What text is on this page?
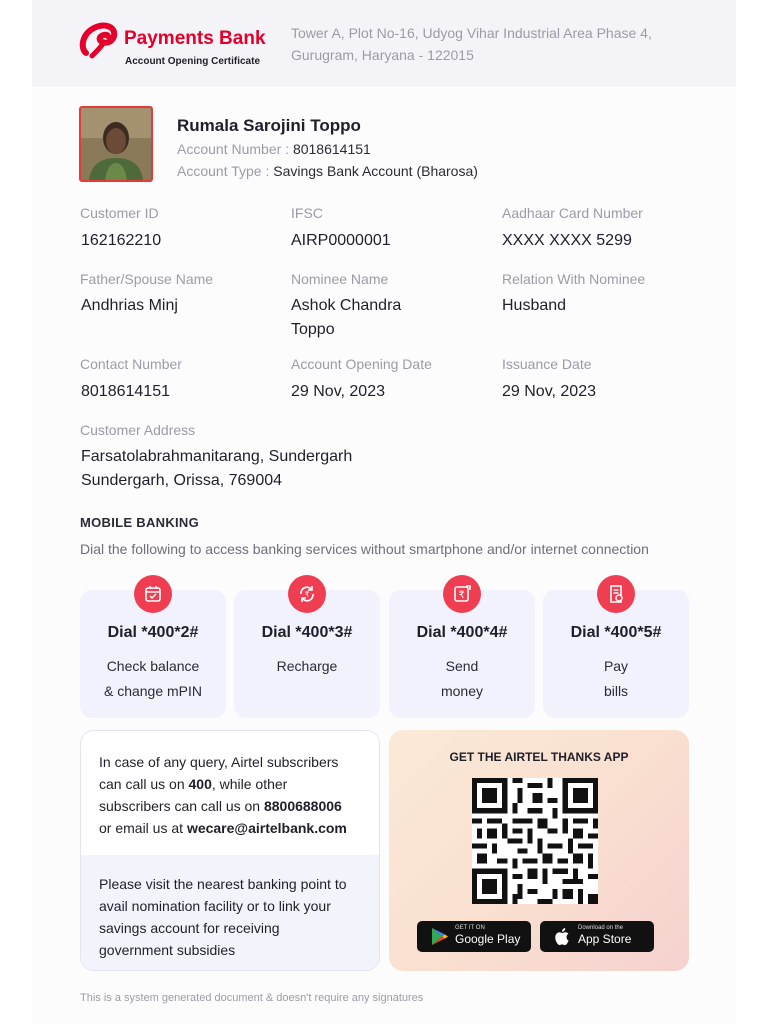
Payments Bank
Account Opening Certificate
Tower A, Plot No-16, Udyog Vihar Industrial Area Phase 4,
Gurugram, Haryana - 122015
Rumala Sarojini Toppo
Account Number : 8018614151
Account Type : Savings Bank Account (Bharosa)
Customer ID
162162210
IFSC
AIRP0000001
Aadhaar Card Number
XXXX XXXX 5299
Father/Spouse Name
Andhrias Minj
Nominee Name
Ashok Chandra
Toppo
Relation With Nominee
Husband
Contact Number
8018614151
Account Opening Date
29 Nov, 2023
Issuance Date
29 Nov, 2023
Customer Address
Farsatolabrahmanitarang, Sundergarh
Sundergarh, Orissa, 769004
MOBILE BANKING
Dial the following to access banking services without smartphone and/or internet connection
Dial *400*2#
Check balance
& change mPIN
Dial *400*3#
Recharge
Dial *400*4#
Send
money
Dial *400*5#
Pay
bills
₹	₹
In case of any query, Airtel subscribers
can call us on 400, while other
subscribers can call us on 8800688006
or email us at wecare@airtelbank.com
Please visit the nearest banking point to
avail nomination facility or to link your
savings account for receiving
government subsidies
GET THE AIRTEL THANKS APP
GET IT ON
Google Play
Download on the
App Store
This is a system generated document & doesn't require any signatures
